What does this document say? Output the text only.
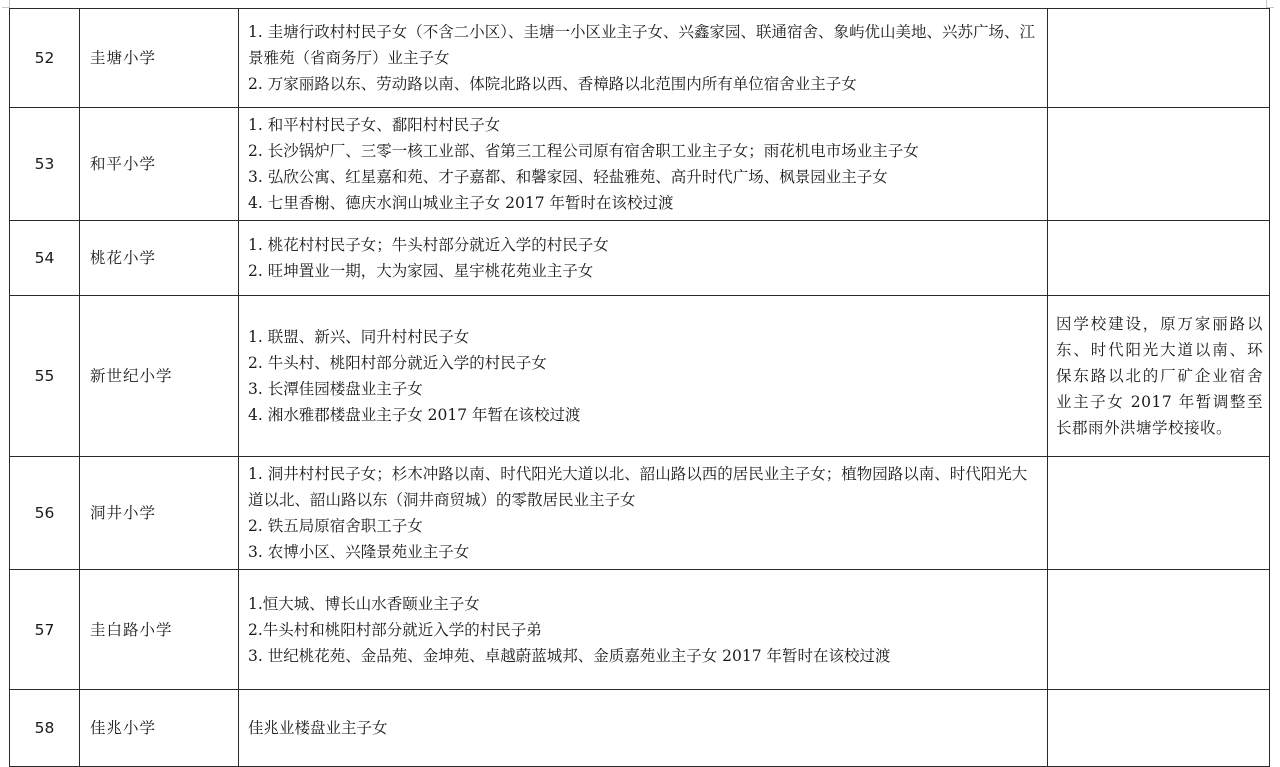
52	圭塘小学	1. 圭塘行政村村民子女（不含二小区）、圭塘一小区业主子女、兴鑫家园、联通宿舍、象屿优山美地、兴苏广场、江景雅苑（省商务厅）业主子女
2. 万家丽路以东、劳动路以南、体院北路以西、香樟路以北范围内所有单位宿舍业主子女	

53	和平小学	1. 和平村村民子女、鄱阳村村民子女
2. 长沙锅炉厂、三零一核工业部、省第三工程公司原有宿舍职工业主子女；雨花机电市场业主子女
3. 弘欣公寓、红星嘉和苑、才子嘉都、和馨家园、轻盐雅苑、高升时代广场、枫景园业主子女
4. 七里香榭、德庆水润山城业主子女 2017 年暂时在该校过渡	

54	桃花小学	1. 桃花村村民子女；牛头村部分就近入学的村民子女
2. 旺坤置业一期，大为家园、星宇桃花苑业主子女	

55	新世纪小学	1. 联盟、新兴、同升村村民子女
2. 牛头村、桃阳村部分就近入学的村民子女
3. 长潭佳园楼盘业主子女
4. 湘水雅郡楼盘业主子女 2017 年暂在该校过渡	因学校建设，原万家丽路以东、时代阳光大道以南、环保东路以北的厂矿企业宿舍业主子女 2017 年暂调整至长郡雨外洪塘学校接收。
56	洞井小学	1. 洞井村村民子女；杉木冲路以南、时代阳光大道以北、韶山路以西的居民业主子女；植物园路以南、时代阳光大道以北、韶山路以东（洞井商贸城）的零散居民业主子女
2. 铁五局原宿舍职工子女
3. 农博小区、兴隆景苑业主子女	

57	圭白路小学	1.恒大城、博长山水香颐业主子女
2.牛头村和桃阳村部分就近入学的村民子弟
3. 世纪桃花苑、金品苑、金坤苑、卓越蔚蓝城邦、金质嘉苑业主子女 2017 年暂时在该校过渡	

58	佳兆小学	佳兆业楼盘业主子女	
